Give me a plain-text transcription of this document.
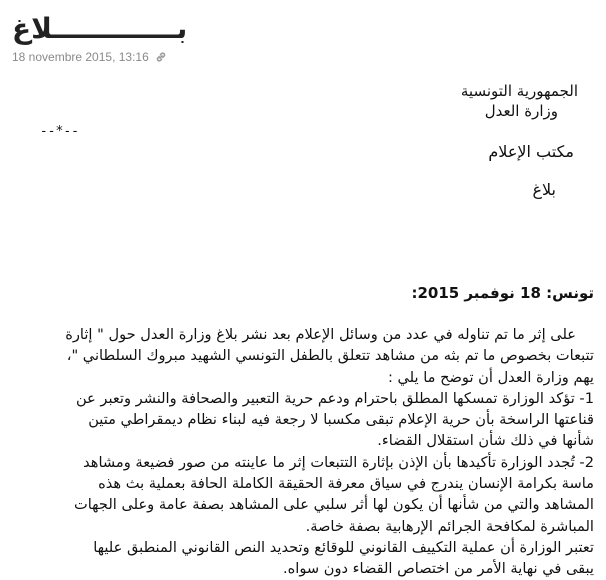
بـــــــــــــلاغ
18 novembre 2015, 13:16
الجمهورية التونسية
وزارة العدل
--*--
مكتب الإعلام
بلاغ
تونس: 18 نوفمبر 2015:
على إثر ما تم تناوله في عدد من وسائل الإعلام بعد نشر بلاغ وزارة العدل حول " إثارة
تتبعات بخصوص ما تم بثه من مشاهد تتعلق بالطفل التونسي الشهيد مبروك السلطاني "،
يهم وزارة العدل أن توضح ما يلي :
1- تؤكد الوزارة تمسكها المطلق باحترام ودعم حرية التعبير والصحافة والنشر وتعبر عن
قناعتها الراسخة بأن حرية الإعلام تبقى مكسبا لا رجعة فيه لبناء نظام ديمقراطي متين
شأنها في ذلك شأن استقلال القضاء.
2- تُجدد الوزارة تأكيدها بأن الإذن بإثارة التتبعات إثر ما عاينته من صور فضيعة ومشاهد
ماسة بكرامة الإنسان يندرج في سياق معرفة الحقيقة الكاملة الحافة بعملية بث هذه
المشاهد والتي من شأنها أن يكون لها أثر سلبي على المشاهد بصفة عامة وعلى الجهات
المباشرة لمكافحة الجرائم الإرهابية بصفة خاصة.
تعتبر الوزارة أن عملية التكييف القانوني للوقائع وتحديد النص القانوني المنطبق عليها
يبقى في نهاية الأمر من اختصاص القضاء دون سواه.
